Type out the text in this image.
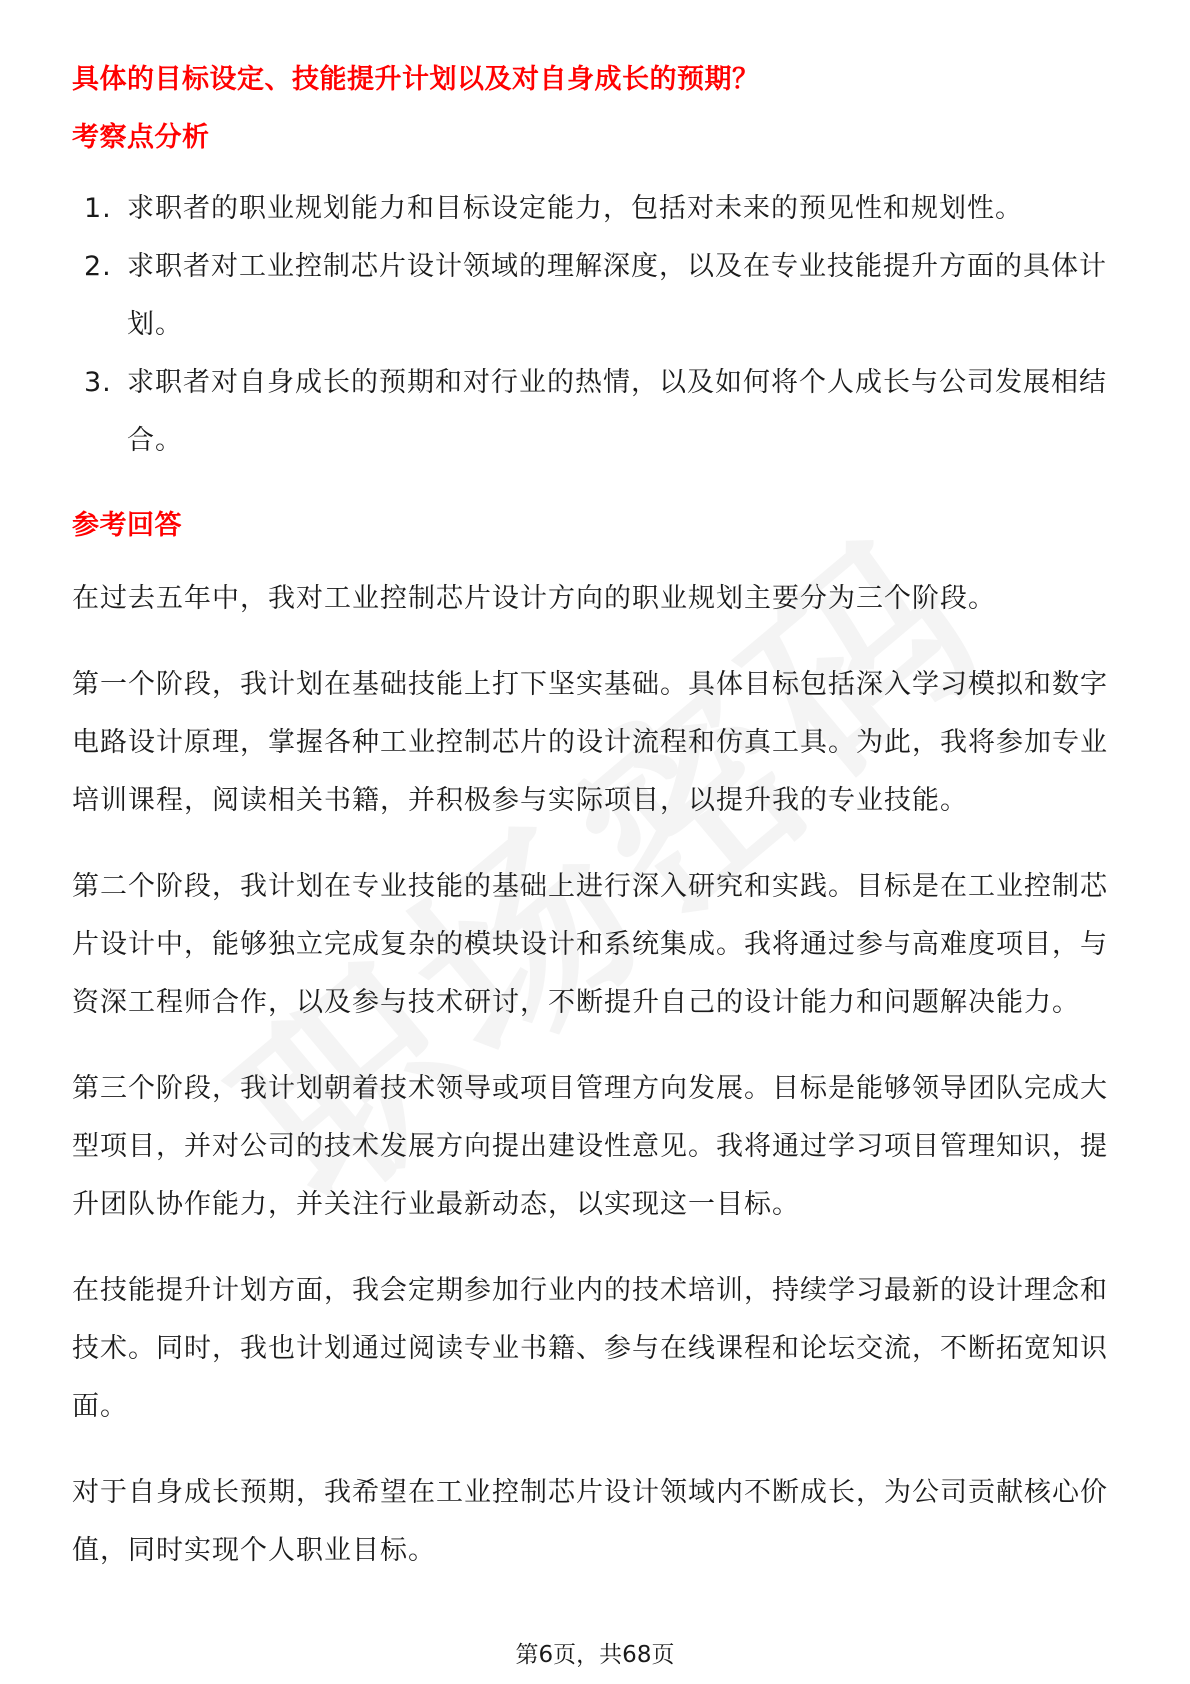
具体的目标设定、技能提升计划以及对自身成长的预期？
考察点分析
1. 求职者的职业规划能力和目标设定能力，包括对未来的预见性和规划性。
2. 求职者对工业控制芯片设计领域的理解深度，以及在专业技能提升方面的具体计划。
3. 求职者对自身成长的预期和对行业的热情，以及如何将个人成长与公司发展相结合。
参考回答

在过去五年中，我对工业控制芯片设计方向的职业规划主要分为三个阶段。

第一个阶段，我计划在基础技能上打下坚实基础。具体目标包括深入学习模拟和数字电路设计原理，掌握各种工业控制芯片的设计流程和仿真工具。为此，我将参加专业培训课程，阅读相关书籍，并积极参与实际项目，以提升我的专业技能。

第二个阶段，我计划在专业技能的基础上进行深入研究和实践。目标是在工业控制芯片设计中，能够独立完成复杂的模块设计和系统集成。我将通过参与高难度项目，与资深工程师合作，以及参与技术研讨，不断提升自己的设计能力和问题解决能力。

第三个阶段，我计划朝着技术领导或项目管理方向发展。目标是能够领导团队完成大型项目，并对公司的技术发展方向提出建设性意见。我将通过学习项目管理知识，提升团队协作能力，并关注行业最新动态，以实现这一目标。

在技能提升计划方面，我会定期参加行业内的技术培训，持续学习最新的设计理念和技术。同时，我也计划通过阅读专业书籍、参与在线课程和论坛交流，不断拓宽知识面。

对于自身成长预期，我希望在工业控制芯片设计领域内不断成长，为公司贡献核心价值，同时实现个人职业目标。

第6页，共68页
